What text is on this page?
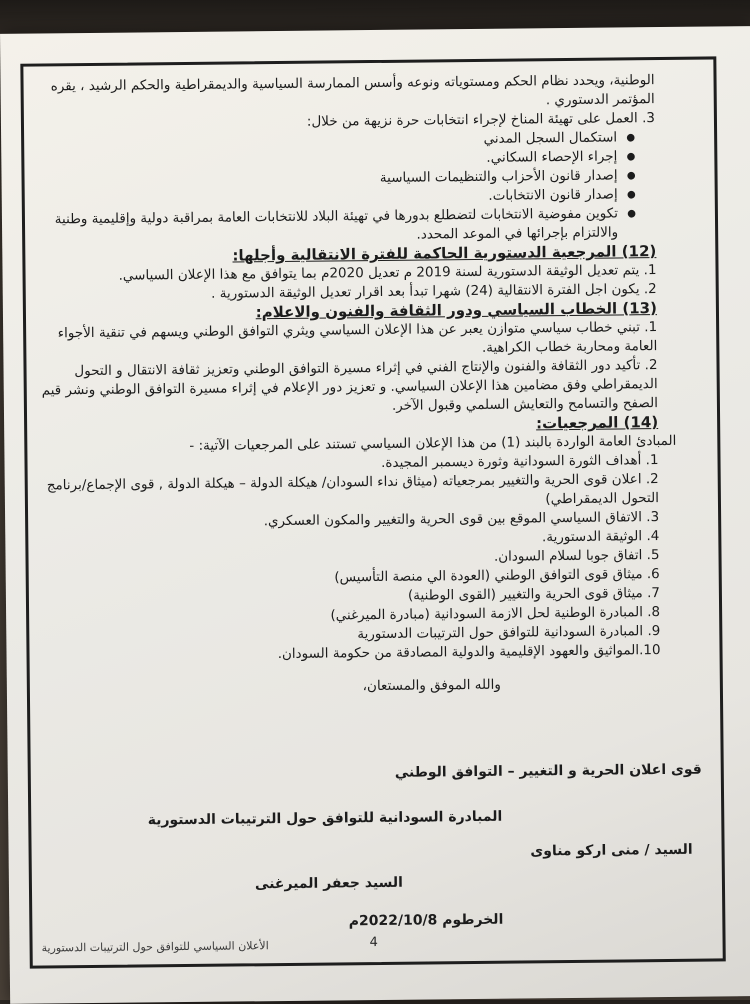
الوطنية، ويحدد نظام الحكم ومستوياته ونوعه وأسس الممارسة السياسية والديمقراطية والحكم الرشيد ، يقره المؤتمر الدستوري .

3. العمل على تهيئة المناخ لإجراء انتخابات حرة نزيهة من خلال:

● استكمال السجل المدني
● إجراء الإحصاء السكاني.
● إصدار قانون الأحزاب والتنظيمات السياسية
● إصدار قانون الانتخابات.
● تكوين مفوضية الانتخابات لتضطلع بدورها في تهيئة البلاد للانتخابات العامة بمراقبة دولية وإقليمية وطنية والالتزام بإجرائها في الموعد المحدد.

(12) المرجعية الدستورية الحاكمة للفترة الانتقالية وأجلها:

1. يتم تعديل الوثيقة الدستورية لسنة 2019 م تعديل 2020م بما يتوافق مع هذا الإعلان السياسي.

2. يكون اجل الفترة الانتقالية (24) شهرا تبدأ بعد اقرار تعديل الوثيقة الدستورية .

(13) الخطاب السياسي ودور الثقافة والفنون والاعلام:

1. تبني خطاب سياسي متوازن يعبر عن هذا الإعلان السياسي ويثري التوافق الوطني ويسهم في تنقية الأجواء العامة ومحاربة خطاب الكراهية.

2. تأكيد دور الثقافة والفنون والإنتاج الفني في إثراء مسيرة التوافق الوطني وتعزيز ثقافة الانتقال و التحول الديمقراطي وفق مضامين هذا الإعلان السياسي. و تعزيز دور الإعلام في إثراء مسيرة التوافق الوطني ونشر قيم الصفح والتسامح والتعايش السلمي وقبول الآخر.

(14) المرجعيات:

المبادئ العامة الواردة بالبند (1) من هذا الإعلان السياسي تستند على المرجعيات الآتية: -

1. أهداف الثورة السودانية وثورة ديسمبر المجيدة.

2. اعلان قوى الحرية والتغيير بمرجعياته (ميثاق نداء السودان/ هيكلة الدولة – هيكلة الدولة , قوى الإجماع/برنامج التحول الديمقراطي)

3. الاتفاق السياسي الموقع بين قوى الحرية والتغيير والمكون العسكري.

4. الوثيقة الدستورية.

5. اتفاق جوبا لسلام السودان.

6. ميثاق قوى التوافق الوطني (العودة الي منصة التأسيس)

7. ميثاق قوى الحرية والتغيير (القوى الوطنية)

8. المبادرة الوطنية لحل الازمة السودانية (مبادرة الميرغني)

9. المبادرة السودانية للتوافق حول الترتيبات الدستورية

10.المواثيق والعهود الإقليمية والدولية المصادقة من حكومة السودان.

والله الموفق والمستعان،

قوى اعلان الحرية و التغيير – التوافق الوطني
المبادرة السودانية للتوافق حول الترتيبات الدستورية
السيد / منى اركو مناوى
السيد جعفر الميرغنى
الخرطوم 2022/10/8م
الأعلان السياسي للتوافق حول الترتيبات الدستورية	4
